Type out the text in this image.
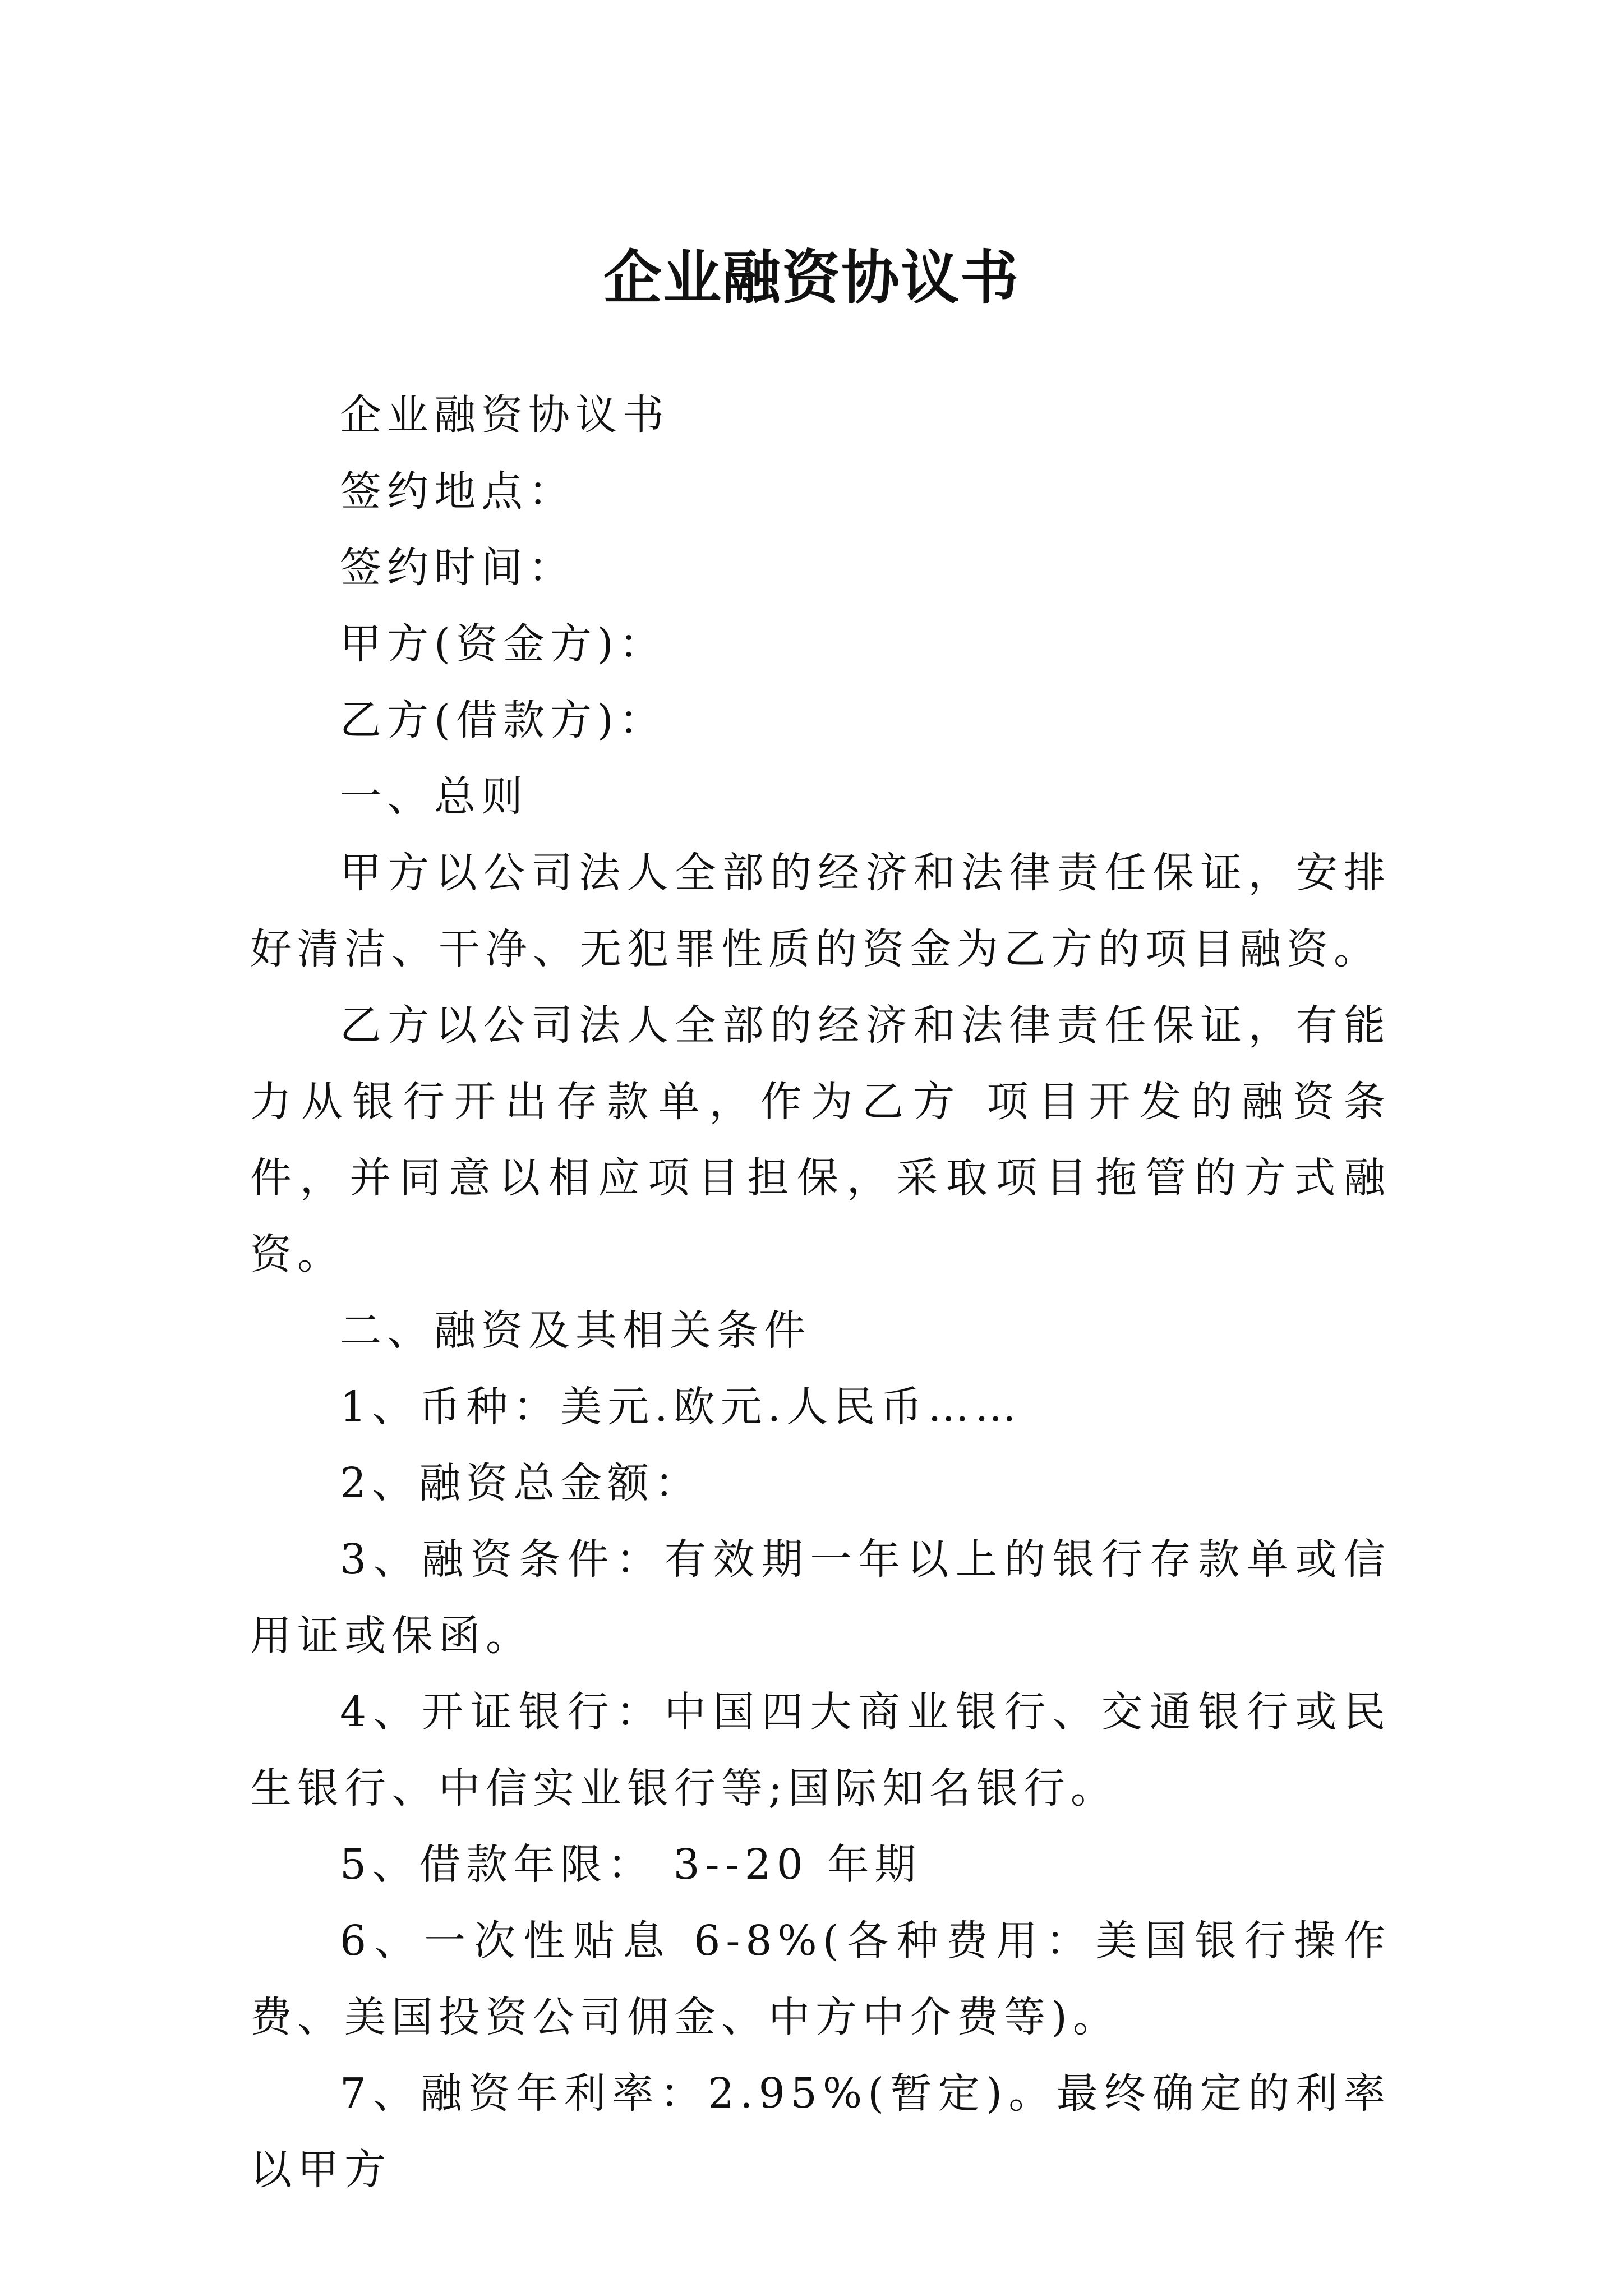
企业融资协议书

企业融资协议书

签约地点：

签约时间：

甲方(资金方)：

乙方(借款方)：

一、总则

甲方以公司法人全部的经济和法律责任保证，安排好清洁、干净、无犯罪性质的资金为乙方的项目融资。

乙方以公司法人全部的经济和法律责任保证，有能力从银行开出存款单，作为乙方 项目开发的融资条件，并同意以相应项目担保，采取项目拖管的方式融资。

二、融资及其相关条件

1、币种：美元.欧元.人民币……

2、融资总金额：

3、融资条件：有效期一年以上的银行存款单或信用证或保函。

4、开证银行：中国四大商业银行、交通银行或民生银行、中信实业银行等;国际知名银行。

5、借款年限： 3--20 年期

6、一次性贴息 6-8%(各种费用：美国银行操作费、美国投资公司佣金、中方中介费等)。

7、融资年利率：2.95%(暂定)。最终确定的利率以甲方
